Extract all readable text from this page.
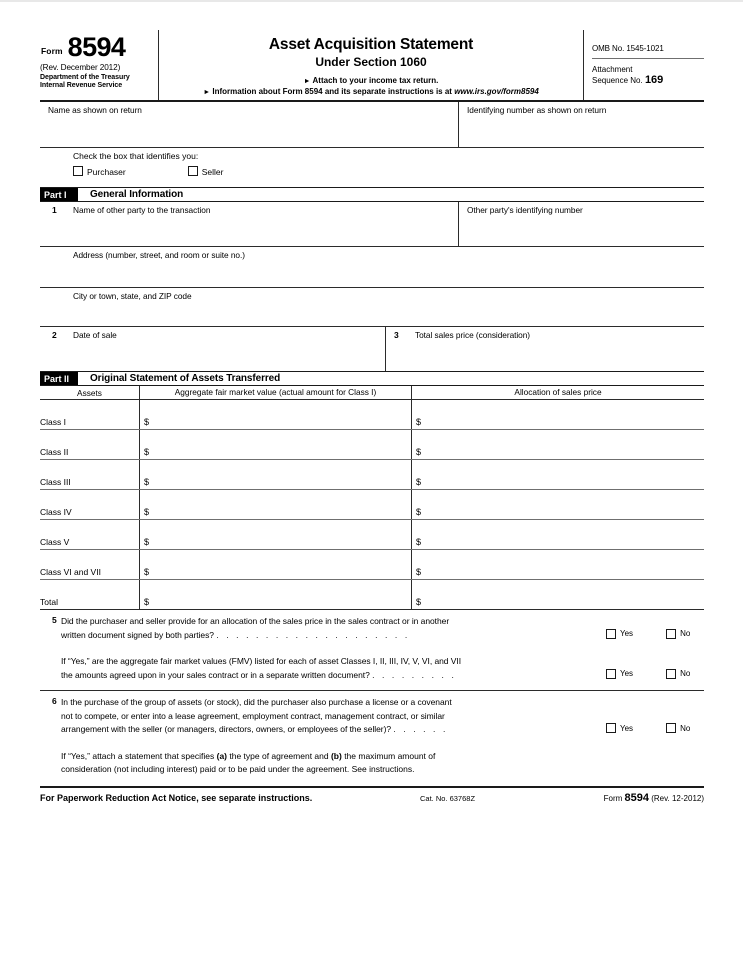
Form 8594
(Rev. December 2012)
Department of the Treasury
Internal Revenue Service
Asset Acquisition Statement
Under Section 1060
► Attach to your income tax return.
► Information about Form 8594 and its separate instructions is at www.irs.gov/form8594
OMB No. 1545-1021
Attachment
Sequence No. 169
Name as shown on return	Identifying number as shown on return
Check the box that identifies you:
Purchaser	Seller
Part I	General Information
1	Name of other party to the transaction	Other party's identifying number
Address (number, street, and room or suite no.)
City or town, state, and ZIP code
2	Date of sale	3	Total sales price (consideration)
Part II	Original Statement of Assets Transferred
Assets	Aggregate fair market value (actual amount for Class I)	Allocation of sales price
Class I	$	$
Class II	$	$
Class III	$	$
Class IV	$	$
Class V	$	$
Class VI and VII	$	$
Total	$	$
5 Did the purchaser and seller provide for an allocation of the sales price in the sales contract or in another
written document signed by both parties? . . . . . . . . . . . . . . . . . . . .	Yes	No
If “Yes,” are the aggregate fair market values (FMV) listed for each of asset Classes I, II, III, IV, V, VI, and VII
the amounts agreed upon in your sales contract or in a separate written document? . . . . . . . . .	Yes	No
6 In the purchase of the group of assets (or stock), did the purchaser also purchase a license or a covenant
not to compete, or enter into a lease agreement, employment contract, management contract, or similar
arrangement with the seller (or managers, directors, owners, or employees of the seller)? . . . . . .	Yes	No
If “Yes,” attach a statement that specifies (a) the type of agreement and (b) the maximum amount of
consideration (not including interest) paid or to be paid under the agreement. See instructions.
For Paperwork Reduction Act Notice, see separate instructions.	Cat. No. 63768Z	Form 8594 (Rev. 12-2012)
